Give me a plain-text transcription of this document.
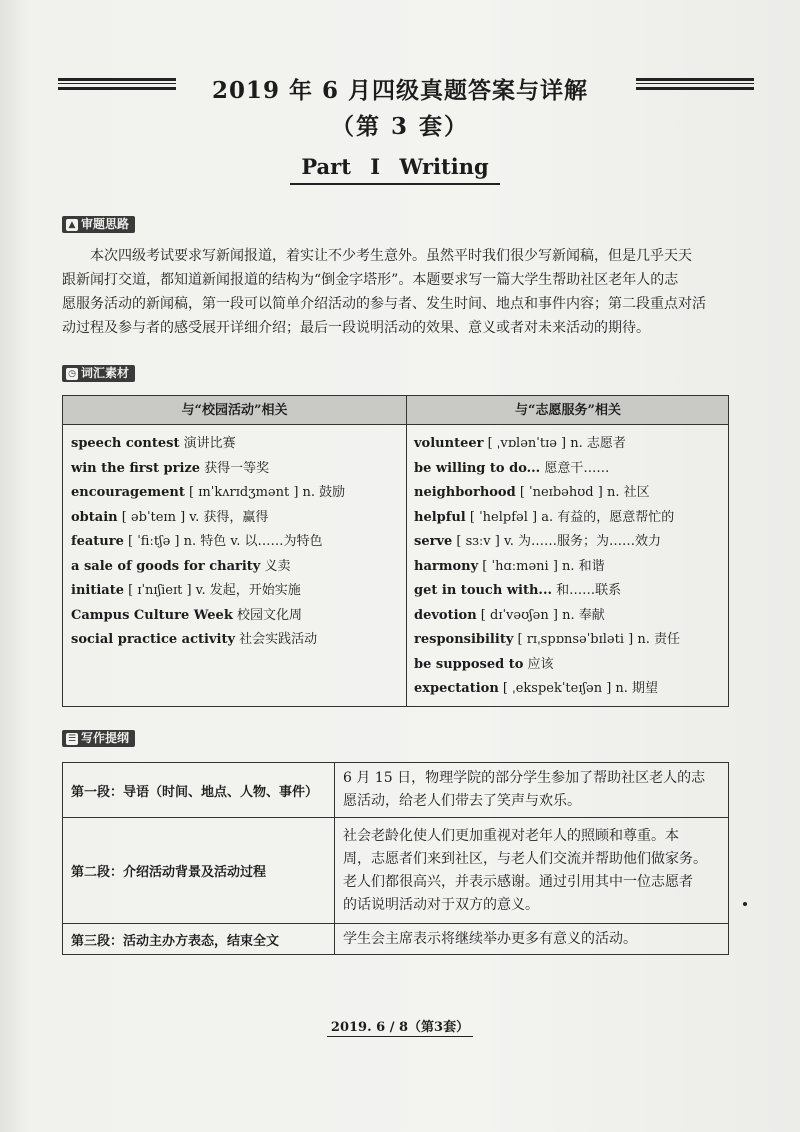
2019 年 6 月四级真题答案与详解
（第 3 套）
Part I Writing
▲ 审题思路
本次四级考试要求写新闻报道，着实让不少考生意外。虽然平时我们很少写新闻稿，但是几乎天天
跟新闻打交道，都知道新闻报道的结构为“倒金字塔形”。本题要求写一篇大学生帮助社区老年人的志
愿服务活动的新闻稿，第一段可以简单介绍活动的参与者、发生时间、地点和事件内容；第二段重点对活
动过程及参与者的感受展开详细介绍；最后一段说明活动的效果、意义或者对未来活动的期待。
◷ 词汇素材
与“校园活动”相关	与“志愿服务”相关
speech contest 演讲比赛
win the first prize 获得一等奖
encouragement [ ɪnˈkʌrɪdʒmənt ] n. 鼓励
obtain [ əbˈteɪn ] v. 获得，赢得
feature [ ˈfiːtʃə ] n. 特色 v. 以……为特色
a sale of goods for charity 义卖
initiate [ ɪˈnɪʃieɪt ] v. 发起，开始实施
Campus Culture Week 校园文化周
social practice activity 社会实践活动
volunteer [ ˌvɒlənˈtɪə ] n. 志愿者
be willing to do... 愿意干……
neighborhood [ ˈneɪbəhʊd ] n. 社区
helpful [ ˈhelpfəl ] a. 有益的，愿意帮忙的
serve [ sɜːv ] v. 为……服务；为……效力
harmony [ ˈhɑːməni ] n. 和谐
get in touch with... 和……联系
devotion [ dɪˈvəʊʃən ] n. 奉献
responsibility [ rɪˌspɒnsəˈbɪləti ] n. 责任
be supposed to 应该
expectation [ ˌekspekˈteɪʃən ] n. 期望
☰ 写作提纲
第一段：导语（时间、地点、人物、事件）
6 月 15 日，物理学院的部分学生参加了帮助社区老人的志
愿活动，给老人们带去了笑声与欢乐。
第二段：介绍活动背景及活动过程
社会老龄化使人们更加重视对老年人的照顾和尊重。本
周，志愿者们来到社区，与老人们交流并帮助他们做家务。
老人们都很高兴，并表示感谢。通过引用其中一位志愿者
的话说明活动对于双方的意义。
第三段：活动主办方表态，结束全文	学生会主席表示将继续举办更多有意义的活动。
2019. 6 / 8（第3套）
